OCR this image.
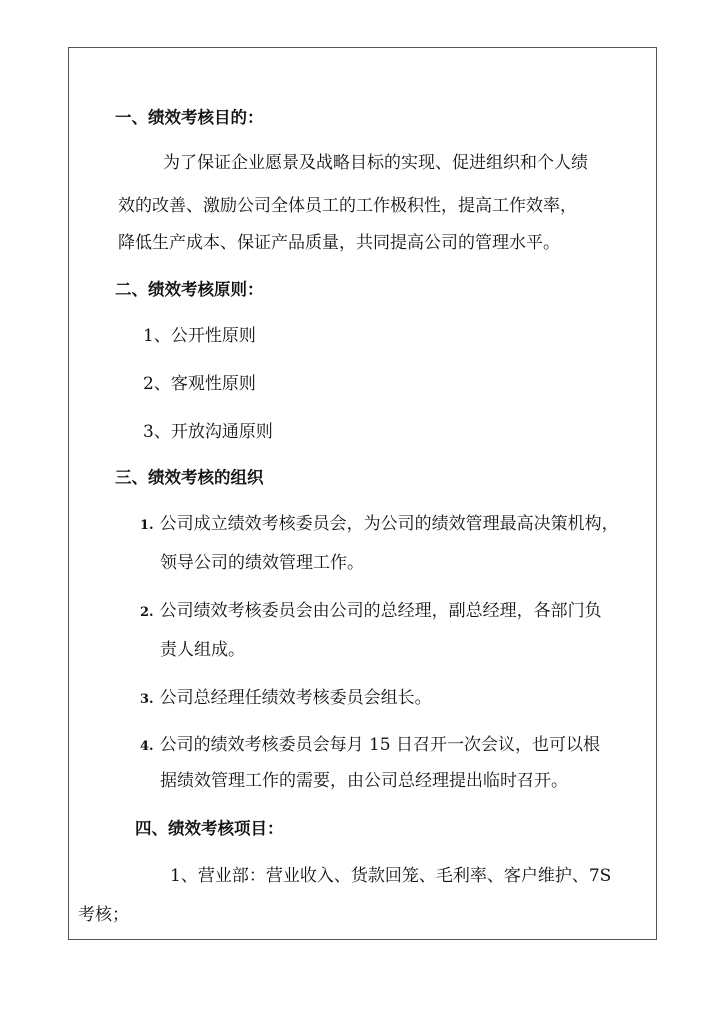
一、绩效考核目的：
为了保证企业愿景及战略目标的实现、促进组织和个人绩
效的改善、激励公司全体员工的工作极积性，提高工作效率，
降低生产成本、保证产品质量，共同提高公司的管理水平。
二、绩效考核原则：
1、公开性原则
2、客观性原则
3、开放沟通原则
三、绩效考核的组织
1. 公司成立绩效考核委员会，为公司的绩效管理最高决策机构，
领导公司的绩效管理工作。
2. 公司绩效考核委员会由公司的总经理，副总经理，各部门负
责人组成。
3. 公司总经理任绩效考核委员会组长。
4. 公司的绩效考核委员会每月 15 日召开一次会议，也可以根
据绩效管理工作的需要，由公司总经理提出临时召开。
四、绩效考核项目：
1、营业部：营业收入、货款回笼、毛利率、客户维护、7S
考核；
